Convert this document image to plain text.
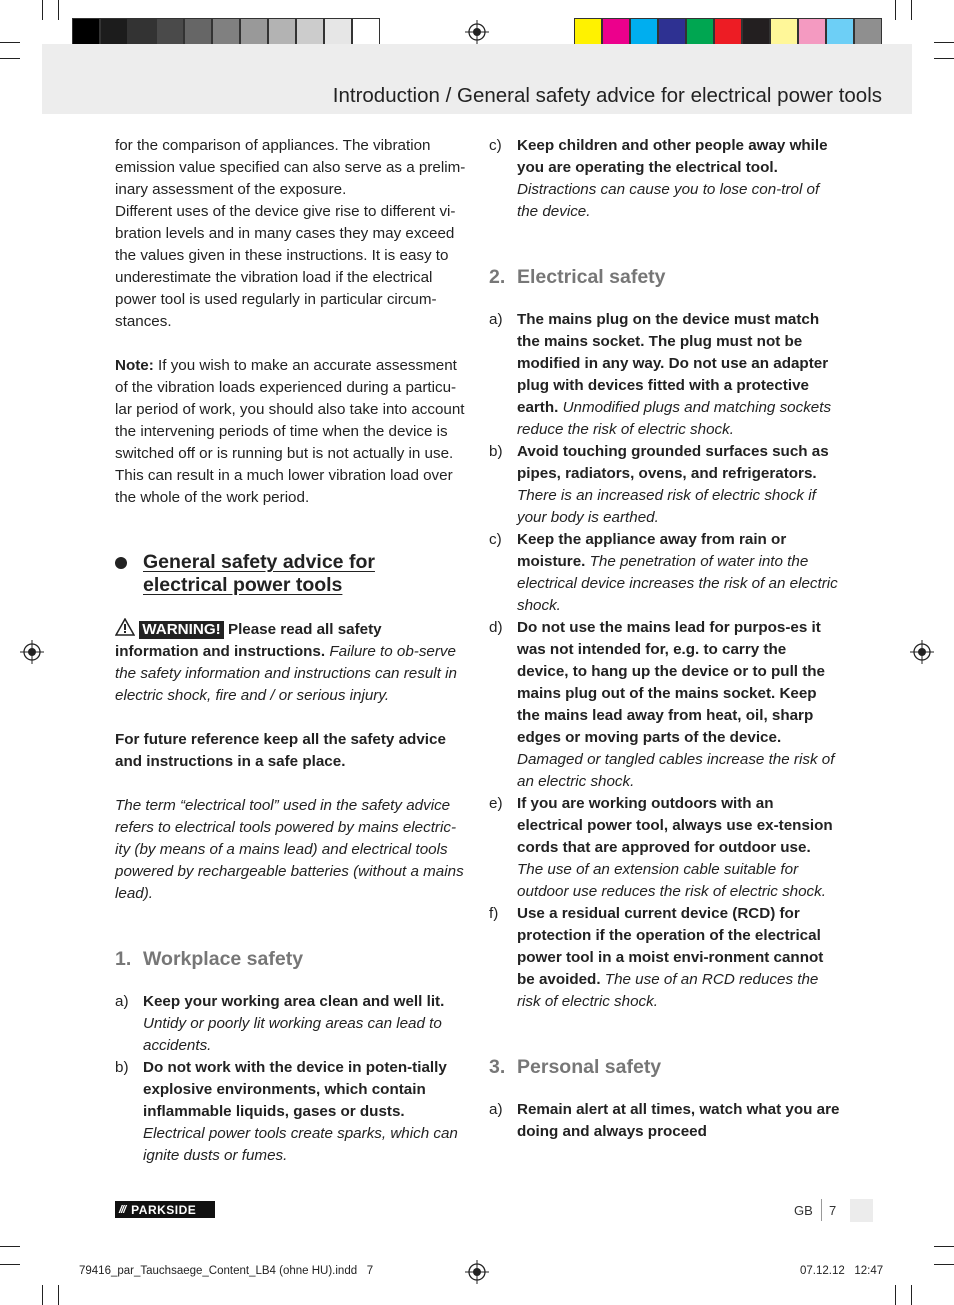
Introduction / General safety advice for electrical power tools

for the comparison of appliances. The vibration emission value specified can also serve as a prelim-inary assessment of the exposure.

Different uses of the device give rise to different vi-bration levels and in many cases they may exceed the values given in these instructions. It is easy to underestimate the vibration load if the electrical power tool is used regularly in particular circum-stances.

Note: If you wish to make an accurate assessment of the vibration loads experienced during a particu-lar period of work, you should also take into account the intervening periods of time when the device is switched off or is running but is not actually in use. This can result in a much lower vibration load over the whole of the work period.

General safety advice for
electrical power tools

WARNING! Please read all safety information and instructions. Failure to ob-serve the safety information and instructions can result in electric shock, fire and / or serious injury.

For future reference keep all the safety advice and instructions in a safe place.

The term “electrical tool” used in the safety advice refers to electrical tools powered by mains electric-ity (by means of a mains lead) and electrical tools powered by rechargeable batteries (without a mains lead).

1. Workplace safety

a) Keep your working area clean and well lit. Untidy or poorly lit working areas can lead to accidents.
b) Do not work with the device in poten-tially explosive environments, which contain inflammable liquids, gases or dusts. Electrical power tools create sparks, which can ignite dusts or fumes.
c)	Keep children and other people away while you are operating the electrical tool. Distractions can cause you to lose con-trol of the device.

2. Electrical safety

a) The mains plug on the device must match the mains socket. The plug must not be modified in any way. Do not use an adapter plug with devices fitted with a protective earth. Unmodified plugs and matching sockets reduce the risk of electric shock.
b) Avoid touching grounded surfaces such as pipes, radiators, ovens, and refrigerators. There is an increased risk of electric shock if your body is earthed.
c)	Keep the appliance away from rain or moisture. The penetration of water into the electrical device increases the risk of an electric shock.
d) Do not use the mains lead for purpos-es it was not intended for, e.g. to carry the device, to hang up the device or to pull the mains plug out of the mains socket. Keep the mains lead away from heat, oil, sharp edges or moving parts of the device. Damaged or tangled cables increase the risk of an electric shock.
e) If you are working outdoors with an electrical power tool, always use ex-tension cords that are approved for outdoor use. The use of an extension cable suitable for outdoor use reduces the risk of electric shock.
f)	Use a residual current device (RCD) for protection if the operation of the electrical power tool in a moist envi-ronment cannot be avoided. The use of an RCD reduces the risk of electric shock.

3. Personal safety

a) Remain alert at all times, watch what you are doing and always proceed
/// PARKSIDE	GB 7
79416_par_Tauchsaege_Content_LB4 (ohne HU).indd   7	07.12.12   12:47
